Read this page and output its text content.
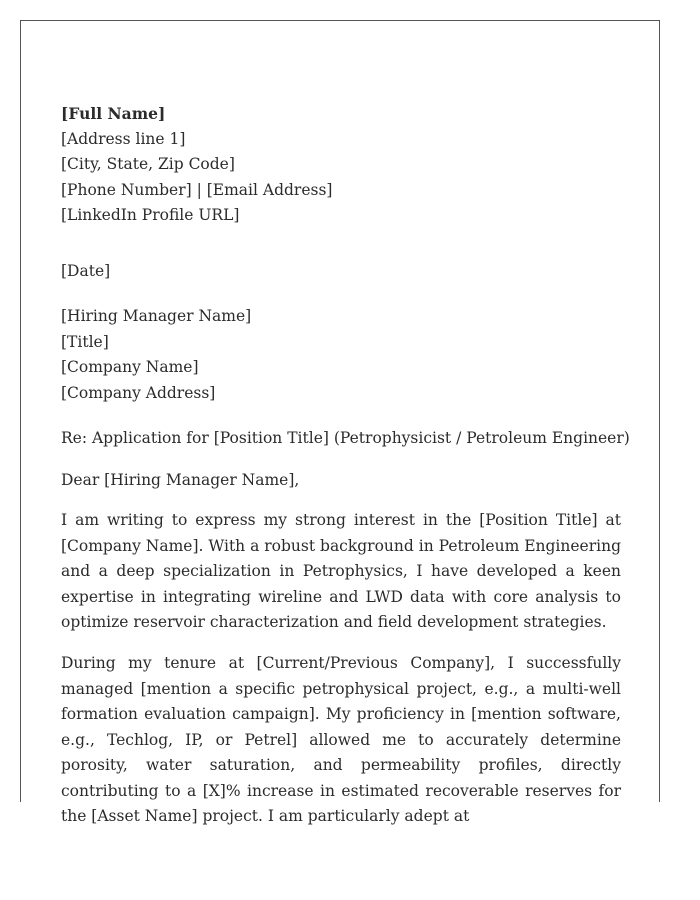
[Full Name]
[Address line 1]
[City, State, Zip Code]
[Phone Number] | [Email Address]
[LinkedIn Profile URL]
[Date]
[Hiring Manager Name]
[Title]
[Company Name]
[Company Address]
Re: Application for [Position Title] (Petrophysicist / Petroleum Engineer)
Dear [Hiring Manager Name],

I am writing to express my strong interest in the [Position Title] at [Company Name]. With a robust background in Petroleum Engineering and a deep specialization in Petrophysics, I have developed a keen expertise in integrating wireline and LWD data with core analysis to optimize reservoir characterization and field development strategies.

During my tenure at [Current/Previous Company], I successfully managed [mention a specific petrophysical project, e.g., a multi-well formation evaluation campaign]. My proficiency in [mention software, e.g., Techlog, IP, or Petrel] allowed me to accurately determine porosity, water saturation, and permeability profiles, directly contributing to a [X]% increase in estimated recoverable reserves for the [Asset Name] project. I am particularly adept at
